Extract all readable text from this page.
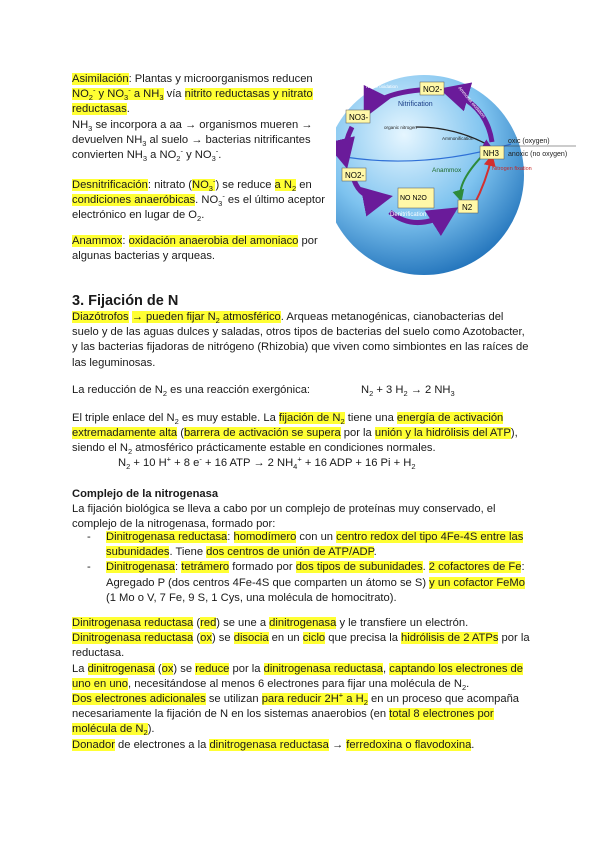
NO2-
NO3-
NH3
NO2-
NO N2O
N2
Nitrite oxidation	Ammonia oxidation
Nitrification
organic nitrogen
Ammonification	oxic (oxygen)
anoxic (no oxygen)
Anammox	Nitrogen fixation
Denitrification
Asimilación: Plantas y microorganismos reducen
$NO_2^-$ y $NO_3^-$ a $NH_3$ vía nitrito reductasas y nitrato reductasas.
$NH_3$ se incorpora a aa → organismos mueren → devuelven $NH_3$ al suelo → bacterias nitrificantes convierten $NH_3$ a $NO_2^-$ y $NO_3^-$.
Desnitrificación: nitrato $(NO_3^-)$ se reduce a $N_2$ en condiciones anaeróbicas. $NO_3^-$ es el último aceptor electrónico en lugar de $O_2$.
Anammox: oxidación anaerobia del amoniaco por algunas bacterias y arqueas.
3. Fijación de N
Diazótrofos → pueden fijar $N_2$ atmosférico. Arqueas metanogénicas, cianobacterias del suelo y de las aguas dulces y saladas, otros tipos de bacterias del suelo como Azotobacter, y las bacterias fijadoras de nitrógeno (Rhizobia) que viven como simbiontes en las raíces de las leguminosas.
La reducción de $N_2$ es una reacción exergónica:	$N_2 + 3$ $H_2 \to 2$ $NH_3$
El triple enlace del $N_2$ es muy estable. La fijación de $N_2$ tiene una energía de activación extremadamente alta (barrera de activación se supera por la unión y la hidrólisis del ATP), siendo el $N_2$ atmosférico prácticamente estable en condiciones normales.
$N_2 + 10$ H+ + 8 e- + 16 ATP → 2 $NH_4^+ + 16$ ADP + 16 $Pi + H_2$
Complejo de la nitrogenasa
La fijación biológica se lleva a cabo por un complejo de proteínas muy conservado, el complejo de la nitrogenasa, formado por:
- Dinitrogenasa reductasa: homodímero con un centro redox del tipo 4Fe-4S entre las subunidades. Tiene dos centros de unión de ATP/ADP.
- Dinitrogenasa: tetrámero formado por dos tipos de subunidades. 2 cofactores de Fe: Agregado P (dos centros 4Fe-4S que comparten un átomo se S) y un cofactor FeMo (1 Mo o V, 7 Fe, 9 S, 1 Cys, una molécula de homocitrato).
Dinitrogenasa reductasa (red) se une a dinitrogenasa y le transfiere un electrón.
Dinitrogenasa reductasa (ox) se disocia en un ciclo que precisa la hidrólisis de 2 ATPs por la reductasa.
La dinitrogenasa (ox) se reduce por la dinitrogenasa reductasa, captando los electrones de uno en uno, necesitándose al menos 6 electrones para fijar una molécula de $N_2$.
Dos electrones adicionales se utilizan para reducir 2H+ a $H_2$ en un proceso que acompaña necesariamente la fijación de N en los sistemas anaerobios (en total 8 electrones por molécula de $N_2$).
Donador de electrones a la dinitrogenasa reductasa → ferredoxina o flavodoxina.
